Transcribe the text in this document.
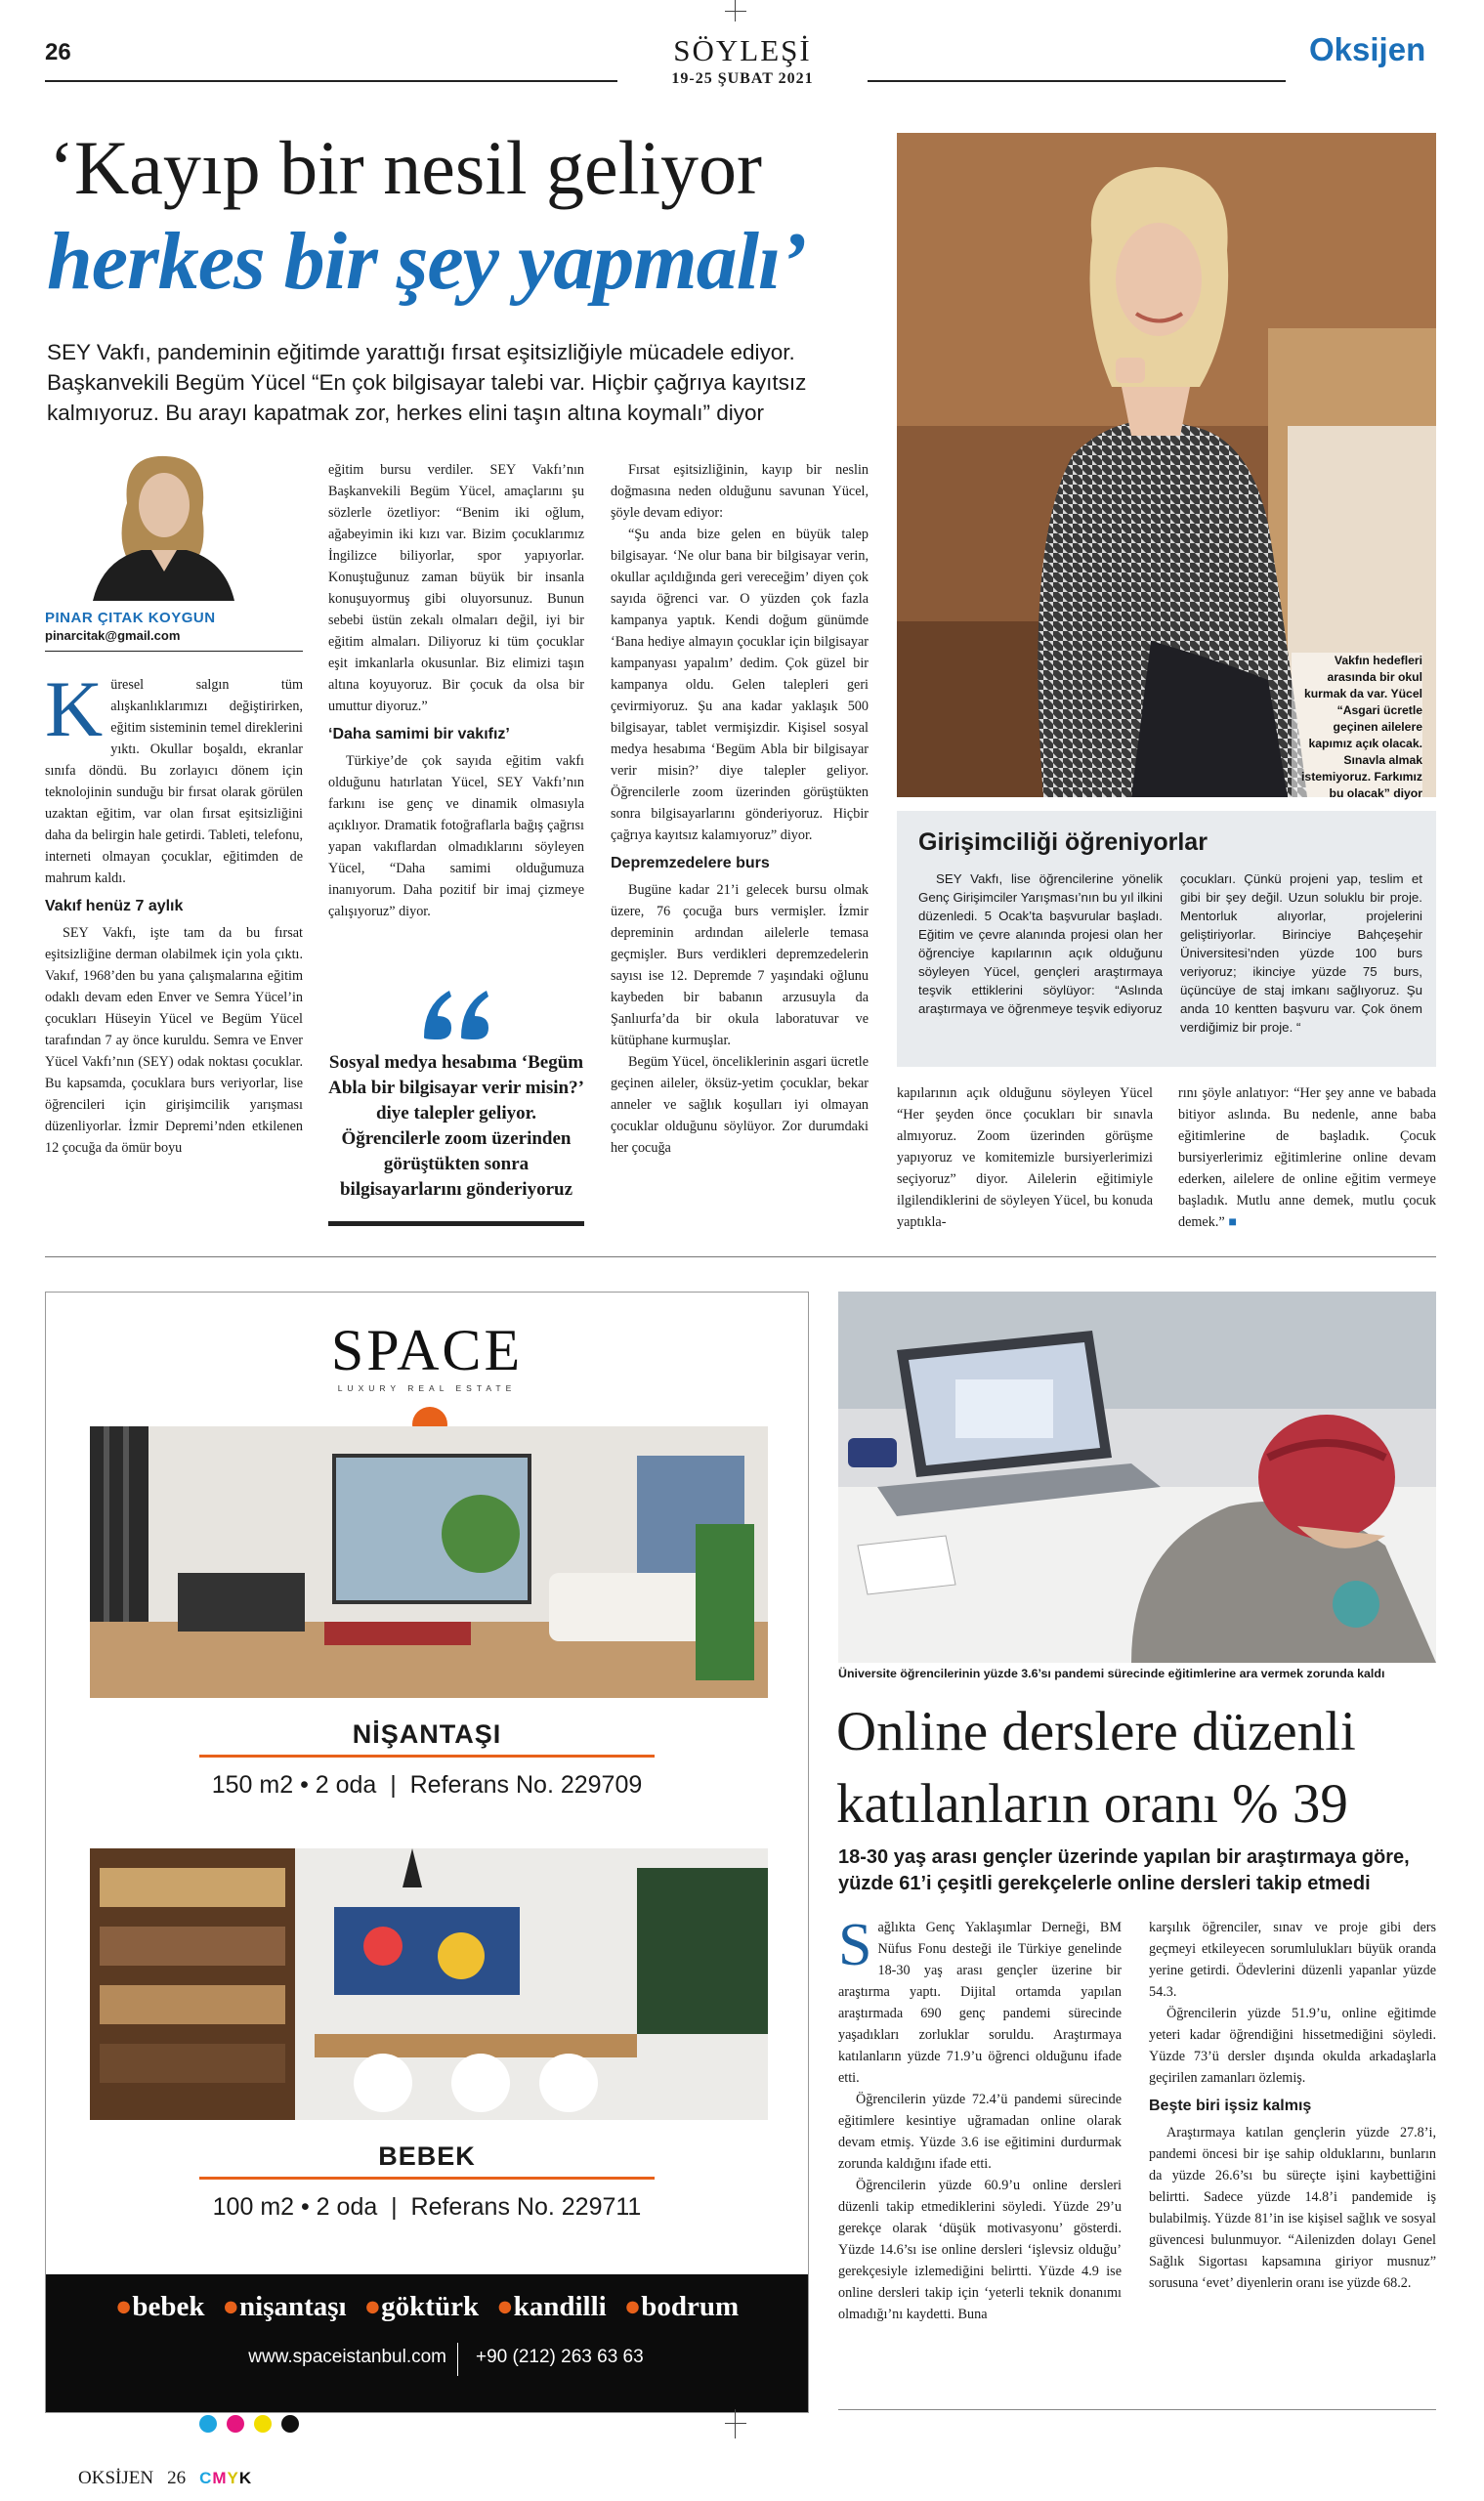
26	SÖYLEŞİ
19-25 ŞUBAT 2021
Oksijen
‘Kayıp bir nesil geliyor
herkes bir şey yapmalı’
SEY Vakfı, pandeminin eğitimde yarattığı fırsat eşitsizliğiyle mücadele ediyor. Başkanvekili Begüm Yücel “En çok bilgisayar talebi var. Hiçbir çağrıya kayıtsız kalmıyoruz. Bu arayı kapatmak zor, herkes elini taşın altına koymalı” diyor
PINAR ÇITAK KOYGUN
pinarcitak@gmail.com
K üresel salgın tüm alışkanlıklarımızı değiştirirken, eğitim sisteminin temel direklerini yıktı. Okullar boşaldı, ekranlar sınıfa döndü. Bu zorlayıcı dönem için teknolojinin sunduğu bir fırsat olarak görülen uzaktan eğitim, var olan fırsat eşitsizliğini daha da belirgin hale getirdi. Tableti, telefonu, interneti olmayan çocuklar, eğitimden de mahrum kaldı.

Vakıf henüz 7 aylık

SEY Vakfı, işte tam da bu fırsat eşitsizliğine derman olabilmek için yola çıktı. Vakıf, 1968’den bu yana çalışmalarına eğitim odaklı devam eden Enver ve Semra Yücel’in çocukları Hüseyin Yücel ve Begüm Yücel tarafından 7 ay önce kuruldu. Semra ve Enver Yücel Vakfı’nın (SEY) odak noktası çocuklar. Bu kapsamda, çocuklara burs veriyorlar, lise öğrencileri için girişimcilik yarışması düzenliyorlar. İzmir Depremi’nden etkilenen 12 çocuğa da ömür boyu

eğitim bursu verdiler. SEY Vakfı’nın Başkanvekili Begüm Yücel, amaçlarını şu sözlerle özetliyor: “Benim iki oğlum, ağabeyimin iki kızı var. Bizim çocuklarımız İngilizce biliyorlar, spor yapıyorlar. Konuştuğunuz zaman büyük bir insanla konuşuyormuş gibi oluyorsunuz. Bunun sebebi üstün zekalı olmaları değil, iyi bir eğitim almaları. Diliyoruz ki tüm çocuklar eşit imkanlarla okusunlar. Biz elimizi taşın altına koyuyoruz. Bir çocuk da olsa bir umuttur diyoruz.”

‘Daha samimi bir vakıfız’

Türkiye’de çok sayıda eğitim vakfı olduğunu hatırlatan Yücel, SEY Vakfı’nın farkını ise genç ve dinamik olmasıyla açıklıyor. Dramatik fotoğraflarla bağış çağrısı yapan vakıflardan olmadıklarını söyleyen Yücel, “Daha samimi olduğumuza inanıyorum. Daha pozitif bir imaj çizmeye çalışıyoruz” diyor.

Sosyal medya hesabıma ‘Begüm Abla bir bilgisayar verir misin?’ diye talepler geliyor. Öğrencilerle zoom üzerinden görüştükten sonra bilgisayarlarını gönderiyoruz

Fırsat eşitsizliğinin, kayıp bir neslin doğmasına neden olduğunu savunan Yücel, şöyle devam ediyor:

“Şu anda bize gelen en büyük talep bilgisayar. ‘Ne olur bana bir bilgisayar verin, okullar açıldığında geri vereceğim’ diyen çok sayıda öğrenci var. O yüzden çok fazla kampanya yaptık. Kendi doğum günümde ‘Bana hediye almayın çocuklar için bilgisayar kampanyası yapalım’ dedim. Çok güzel bir kampanya oldu. Gelen talepleri geri çevirmiyoruz. Şu ana kadar yaklaşık 500 bilgisayar, tablet vermişizdir. Kişisel sosyal medya hesabıma ‘Begüm Abla bir bilgisayar verir misin?’ diye talepler geliyor. Öğrencilerle zoom üzerinden görüştükten sonra bilgisayarlarını gönderiyoruz. Hiçbir çağrıya kayıtsız kalamıyoruz” diyor.

Depremzedelere burs

Bugüne kadar 21’i gelecek bursu olmak üzere, 76 çocuğa burs vermişler. İzmir depreminin ardından ailelerle temasa geçmişler. Burs verdikleri depremzedelerin sayısı ise 12. Depremde 7 yaşındaki oğlunu kaybeden bir babanın arzusuyla da Şanlıurfa’da bir okula laboratuvar ve kütüphane kurmuşlar.

Begüm Yücel, önceliklerinin asgari ücretle geçinen aileler, öksüz-yetim çocuklar, bekar anneler ve sağlık koşulları iyi olmayan çocuklar olduğunu söylüyor. Zor durumdaki her çocuğa

Vakfın hedefleri arasında bir okul kurmak da var. Yücel “Asgari ücretle geçinen ailelere kapımız açık olacak. Sınavla almak istemiyoruz. Farkımız bu olacak” diyor
Girişimciliği öğreniyorlar
SEY Vakfı, lise öğrencilerine yönelik Genç Girişimciler Yarışması’nın bu yıl ilkini düzenledi. 5 Ocak’ta başvurular başladı. Eğitim ve çevre alanında projesi olan her öğrenciye kapılarının açık olduğunu söyleyen Yücel, gençleri araştırmaya teşvik ettiklerini söylüyor: “Aslında araştırmaya ve öğrenmeye teşvik ediyoruz
çocukları. Çünkü projeni yap, teslim et gibi bir şey değil. Uzun soluklu bir proje. Mentorluk alıyorlar, projelerini geliştiriyorlar. Birinciye Bahçeşehir Üniversitesi’nden yüzde 100 burs veriyoruz; ikinciye yüzde 75 burs, üçüncüye de staj imkanı sağlıyoruz. Şu anda 10 kentten başvuru var. Çok önem verdiğimiz bir proje. “

kapılarının açık olduğunu söyleyen Yücel “Her şeyden önce çocukları bir sınavla almıyoruz. Zoom üzerinden görüşme yapıyoruz ve komitemizle bursiyerlerimizi seçiyoruz” diyor. Ailelerin eğitimiyle ilgilendiklerini de söyleyen Yücel, bu konuda yaptıkla-

rını şöyle anlatıyor: “Her şey anne ve babada bitiyor aslında. Bu nedenle, anne baba eğitimlerine de başladık. Çocuk bursiyerlerimiz eğitimlerine online devam ederken, ailelere de online eğitim vermeye başladık. Mutlu anne demek, mutlu çocuk demek.” ■

SPACE
LUXURY REAL ESTATE
NİŞANTAŞI
150 m2 • 2 oda  |  Referans No. 229709
BEBEK
100 m2 • 2 oda  |  Referans No. 229711
●bebek ●nişantaşı ●göktürk ●kandilli ●bodrum
www.spaceistanbul.com	+90 (212) 263 63 63
Üniversite öğrencilerinin yüzde 3.6’sı pandemi sürecinde eğitimlerine ara vermek zorunda kaldı
Online derslere düzenli katılanların oranı % 39
18-30 yaş arası gençler üzerinde yapılan bir araştırmaya göre, yüzde 61’i çeşitli gerekçelerle online dersleri takip etmedi
S ağlıkta Genç Yaklaşımlar Derneği, BM Nüfus Fonu desteği ile Türkiye genelinde 18-30 yaş arası gençler üzerine bir araştırma yaptı. Dijital ortamda yapılan araştırmada 690 genç pandemi sürecinde yaşadıkları zorluklar soruldu. Araştırmaya katılanların yüzde 71.9’u öğrenci olduğunu ifade etti.

Öğrencilerin yüzde 72.4’ü pandemi sürecinde eğitimlere kesintiye uğramadan online olarak devam etmiş. Yüzde 3.6 ise eğitimini durdurmak zorunda kaldığını ifade etti.

Öğrencilerin yüzde 60.9’u online dersleri düzenli takip etmediklerini söyledi. Yüzde 29’u gerekçe olarak ‘düşük motivasyonu’ gösterdi. Yüzde 14.6’sı ise online dersleri ‘işlevsiz olduğu’ gerekçesiyle izlemediğini belirtti. Yüzde 4.9 ise online dersleri takip için ‘yeterli teknik donanımı olmadığı’nı kaydetti. Buna

karşılık öğrenciler, sınav ve proje gibi ders geçmeyi etkileyecen sorumlulukları büyük oranda yerine getirdi. Ödevlerini düzenli yapanlar yüzde 54.3.

Öğrencilerin yüzde 51.9’u, online eğitimde yeteri kadar öğrendiğini hissetmediğini söyledi. Yüzde 73’ü dersler dışında okulda arkadaşlarla geçirilen zamanları özlemiş.

Beşte biri işsiz kalmış

Araştırmaya katılan gençlerin yüzde 27.8’i, pandemi öncesi bir işe sahip olduklarını, bunların da yüzde 26.6’sı bu süreçte işini kaybettiğini belirtti. Sadece yüzde 14.8’i pandemide iş bulabilmiş. Yüzde 81’in ise kişisel sağlık ve sosyal güvencesi bulunmuyor. “Ailenizden dolayı Genel Sağlık Sigortası kapsamına giriyor musnuz” sorusuna ‘evet’ diyenlerin oranı ise yüzde 68.2.

OKSİJEN 26 CMYK
